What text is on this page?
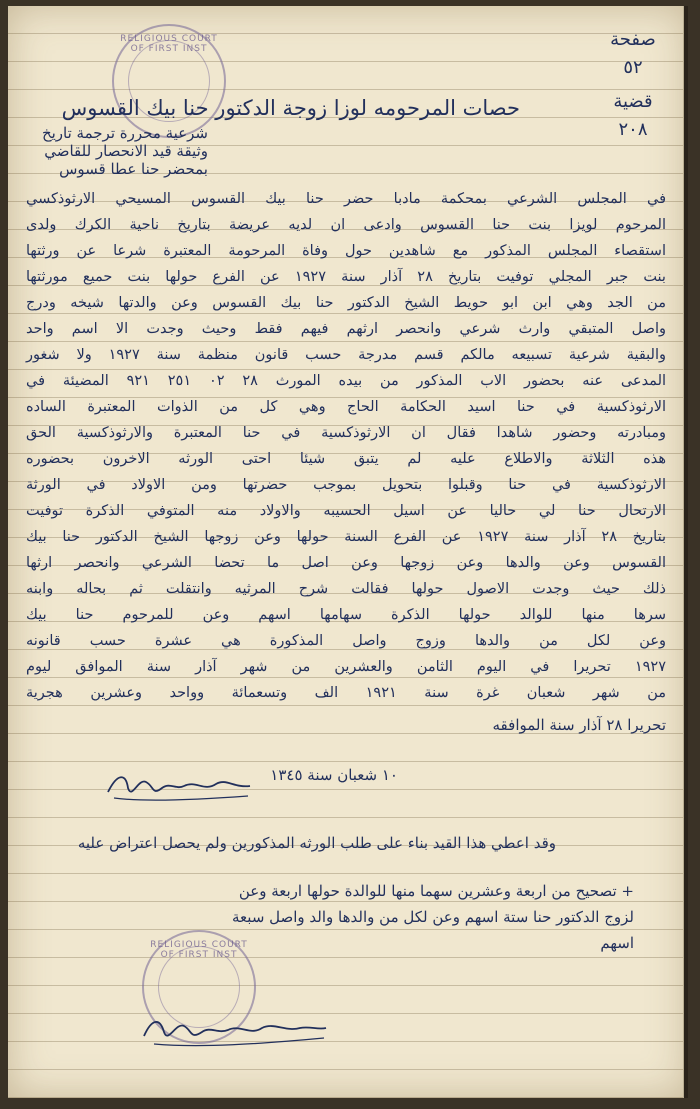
RELIGIOUS COURT OF FIRST INST
RELIGIOUS COURT OF FIRST INST
صفحة
٥٢
قضية
٢٠٨
حصات المرحومه لوزا زوجة الدكتور حنا بيك القسوس
شرعية محررة ترجمة تاريخ
وثيقة قيد الانحصار للقاضي
بمحضر حنا عطا قسوس
في المجلس الشرعي بمحكمة مادبا حضر حنا بيك القسوس المسيحي الارثوذكسي
المرحوم لويزا بنت حنا القسوس وادعى ان لديه عريضة بتاريخ ناحية الكرك ولدى
استقصاء المجلس المذكور مع شاهدين حول وفاة المرحومة المعتبرة شرعا عن ورثتها
بنت جبر المجلي توفيت بتاريخ ٢٨ آذار سنة ١٩٢٧ عن الفرع حولها بنت حميع مورثتها
من الجد وهي ابن ابو حويط الشيخ الدكتور حنا بيك القسوس وعن والدتها شيخه ودرج
واصل المتبقي وارث شرعي وانحصر ارثهم فيهم فقط وحيث وجدت الا اسم واحد
والبقية شرعية تسبيعه مالكم قسم مدرجة حسب قانون منظمة سنة ١٩٢٧ ولا شغور
المدعى عنه بحضور الاب المذكور من بيده المورث ٢٨ ٠٢ ٢٥١ ٩٢١ المضيئة في
الارثوذكسية في حنا اسيد الحكامة الحاج وهي كل من الذوات المعتبرة الساده
ومبادرته وحضور شاهدا فقال ان الارثوذكسية في حنا المعتبرة والارثوذكسية الحق
هذه الثلاثة والاطلاع عليه لم يتبق شيئا احتى الورثه الاخرون بحضوره
الارثوذكسية في حنا وقبلوا بتحويل بموجب حضرتها ومن الاولاد في الورثة
الارتحال حنا لي حاليا عن اسيل الحسيبه والاولاد منه المتوفي الذكرة توفيت
بتاريخ ٢٨ آذار سنة ١٩٢٧ عن الفرع السنة حولها وعن زوجها الشيخ الدكتور حنا بيك
القسوس وعن والدها وعن زوجها وعن اصل ما تحضا الشرعي وانحصر ارثها
ذلك حيث وجدت الاصول حولها فقالت شرح المرثيه وانتقلت ثم بحاله وابنه
سرها منها للوالد حولها الذكرة سهامها اسهم وعن للمرحوم حنا بيك
وعن لكل من والدها وزوج واصل المذكورة هي عشرة حسب قانونه
١٩٢٧ تحريرا في اليوم الثامن والعشرين من شهر آذار سنة الموافق ليوم
من شهر شعبان غرة سنة ١٩٢١ الف وتسعمائة وواحد وعشرين هجرية
تحريرا ٢٨ آذار سنة الموافقه
١٠ شعبان سنة ١٣٤٥
وقد اعطي هذا القيد بناء على طلب الورثه المذكورين ولم يحصل اعتراض عليه
+ تصحيح من اربعة وعشرين سهما منها للوالدة حولها اربعة وعن
لزوج الدكتور حنا ستة اسهم وعن لكل من والدها والد واصل سبعة
اسهم
